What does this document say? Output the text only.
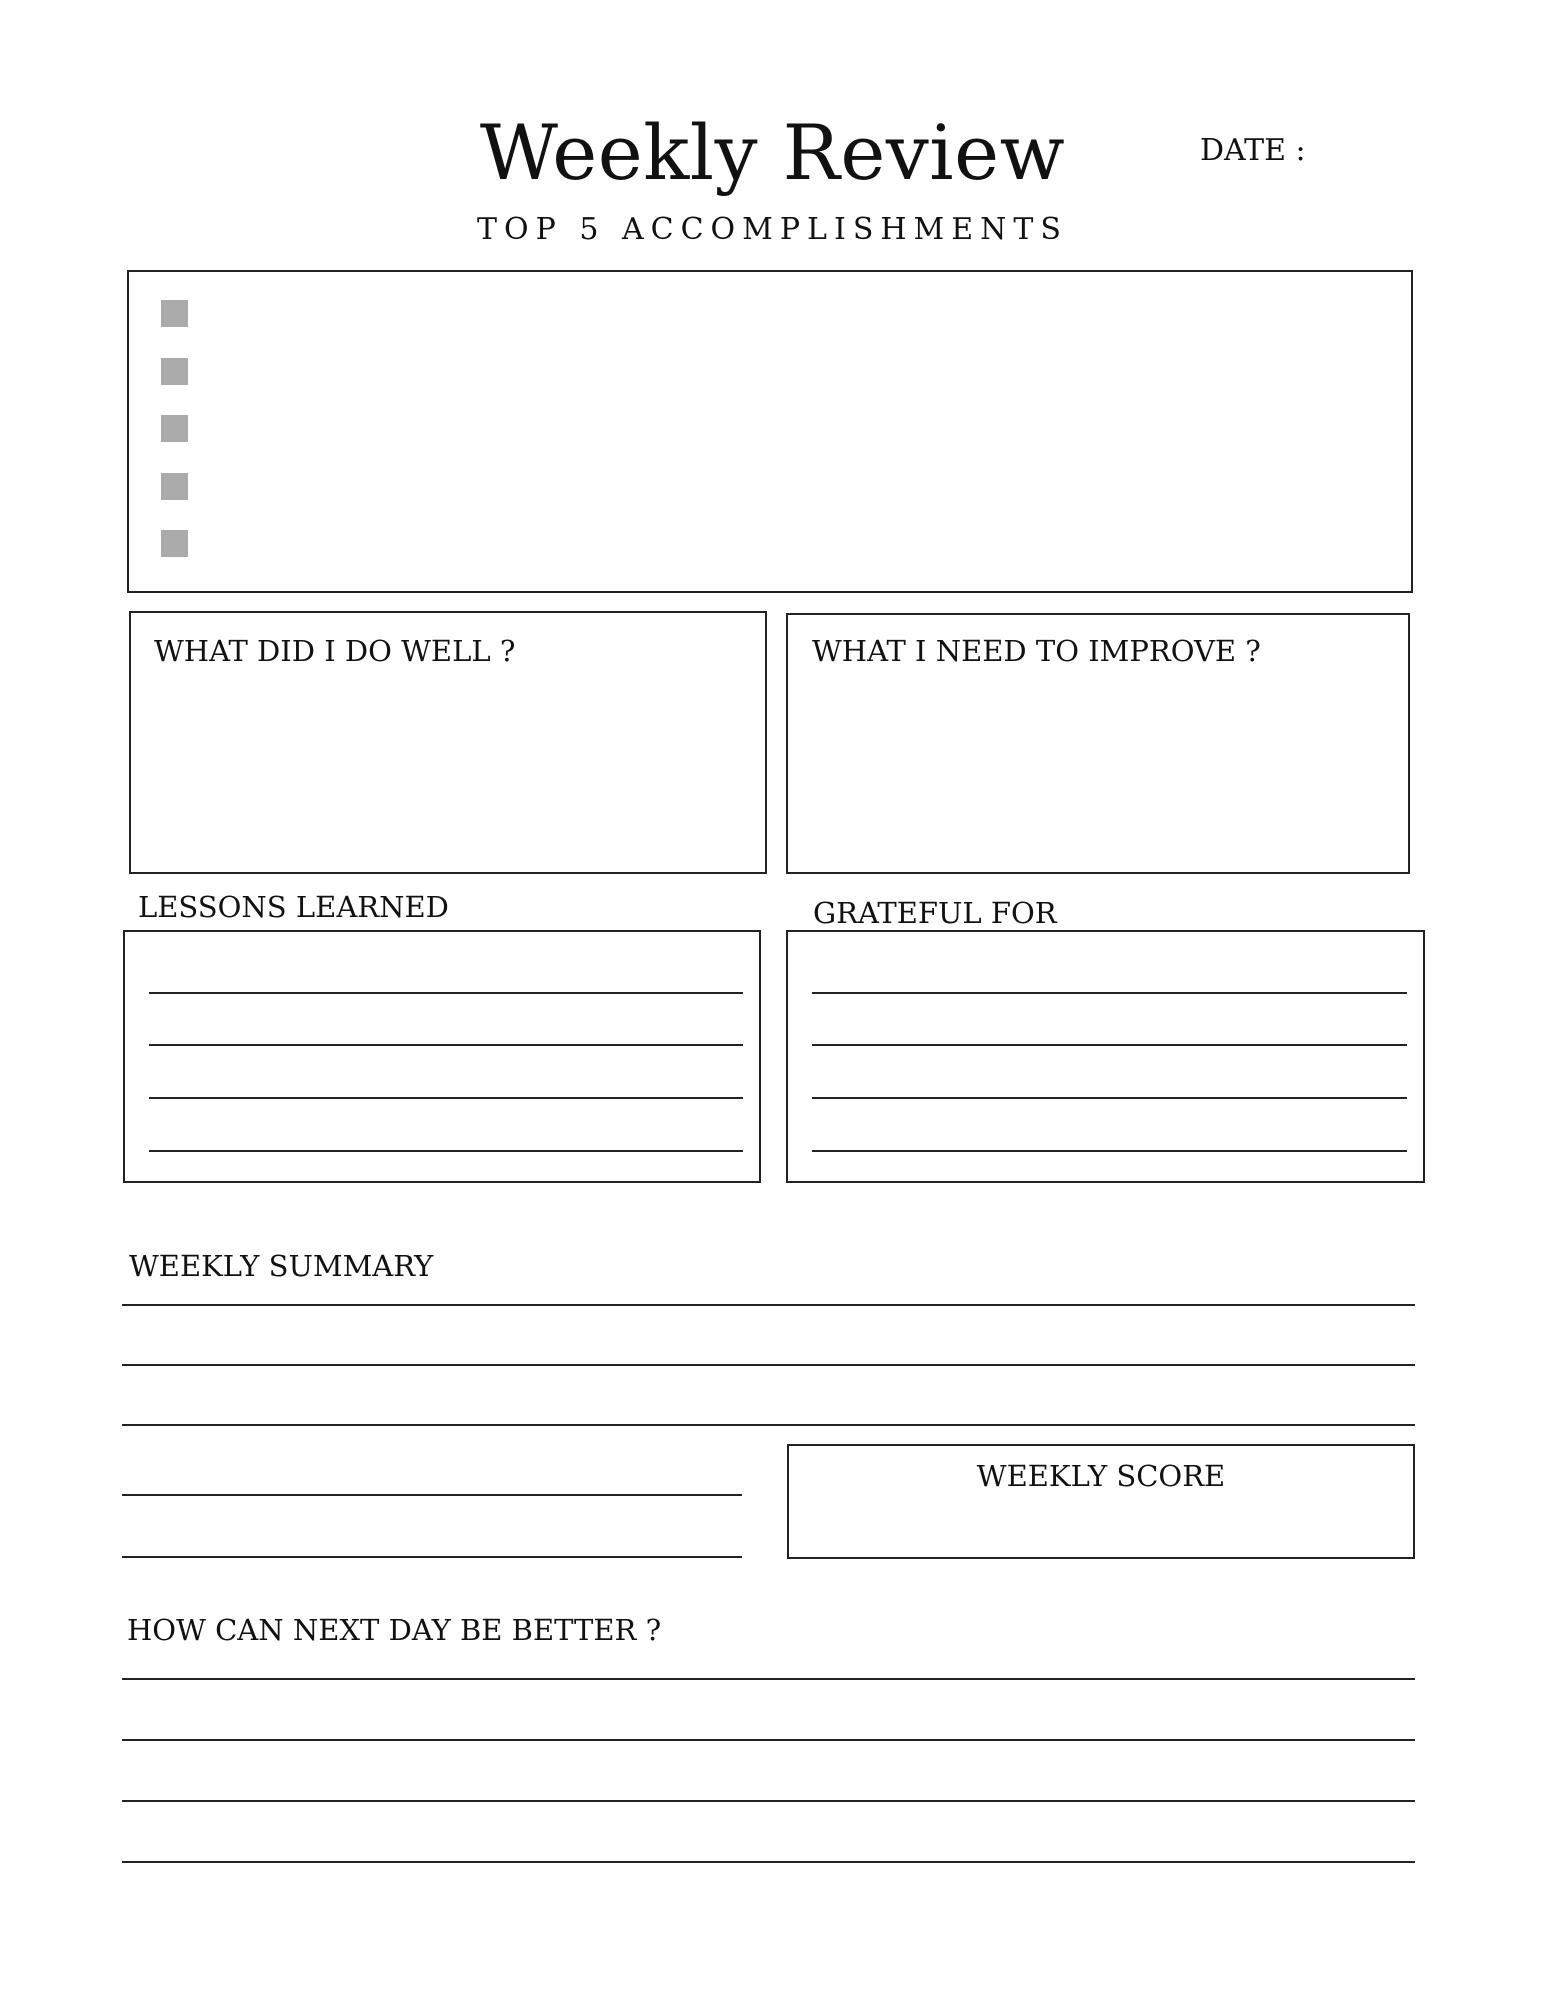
Weekly Review
TOP 5 ACCOMPLISHMENTS
DATE :
WHAT DID I DO WELL ?	WHAT I NEED TO IMPROVE ?
LESSONS LEARNED	GRATEFUL FOR
WEEKLY SUMMARY
WEEKLY SCORE
HOW CAN NEXT DAY BE BETTER ?
